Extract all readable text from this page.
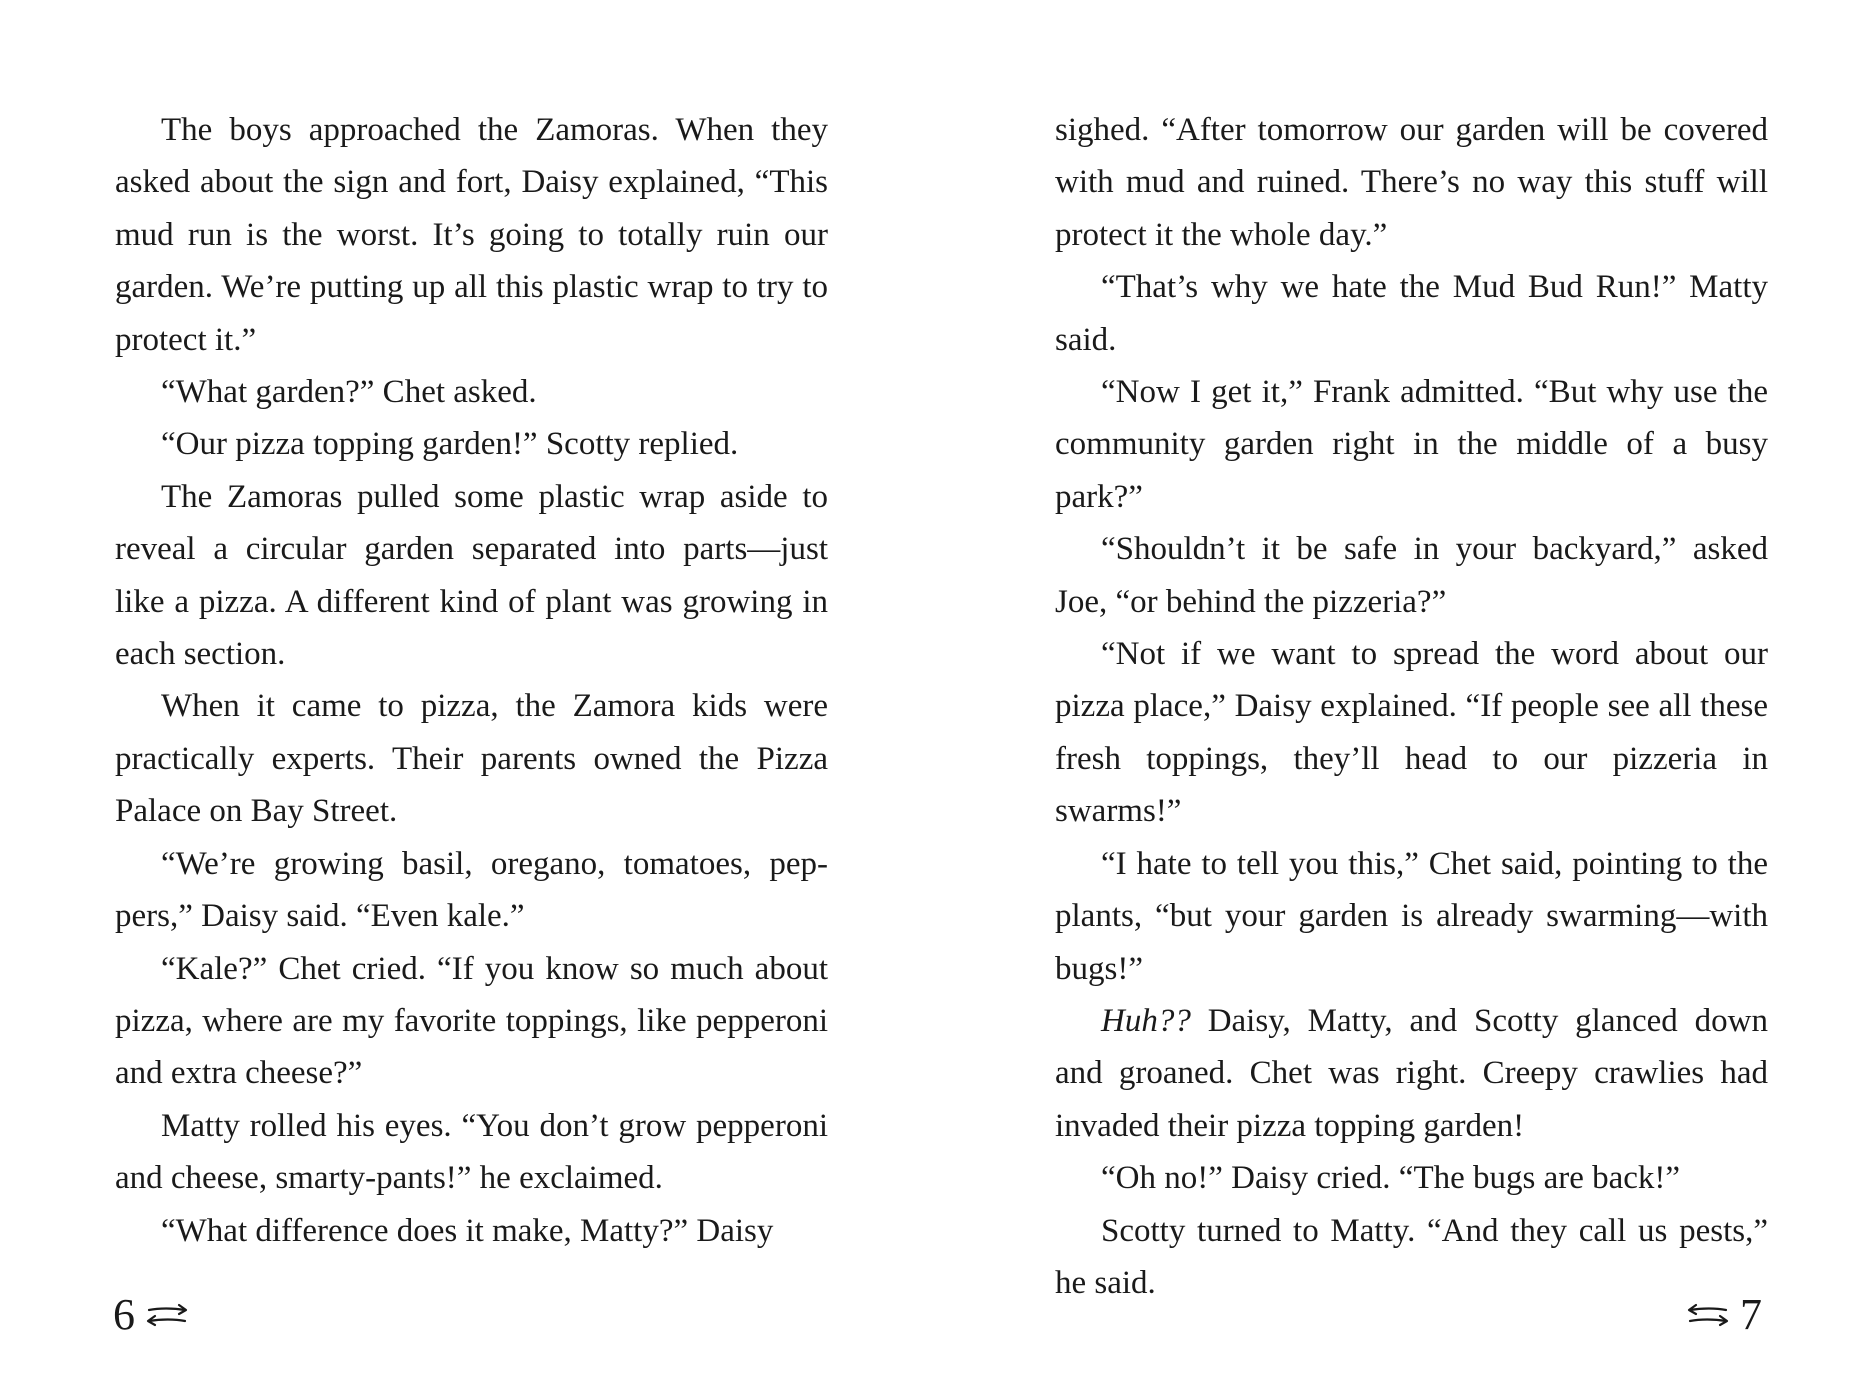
The boys approached the Zamoras. When they asked about the sign and fort, Daisy explained, “This mud run is the worst. It’s going to totally ruin our garden. We’re putting up all this plastic wrap to try to protect it.”

“What garden?” Chet asked.

“Our pizza topping garden!” Scotty replied.

The Zamoras pulled some plastic wrap aside to reveal a circular garden separated into parts—just like a pizza. A different kind of plant was growing in each section.

When it came to pizza, the Zamora kids were practically experts. Their parents owned the Pizza Palace on Bay Street.

“We’re growing basil, oregano, tomatoes, peppers,” Daisy said. “Even kale.”

“Kale?” Chet cried. “If you know so much about pizza, where are my favorite toppings, like pepperoni and extra cheese?”

Matty rolled his eyes. “You don’t grow pepperoni and cheese, smarty-pants!” he exclaimed.

“What difference does it make, Matty?” Daisy

sighed. “After tomorrow our garden will be covered with mud and ruined. There’s no way this stuff will protect it the whole day.”

“That’s why we hate the Mud Bud Run!” Matty said.

“Now I get it,” Frank admitted. “But why use the community garden right in the middle of a busy park?”

“Shouldn’t it be safe in your backyard,” asked Joe, “or behind the pizzeria?”

“Not if we want to spread the word about our pizza place,” Daisy explained. “If people see all these fresh toppings, they’ll head to our pizzeria in swarms!”

“I hate to tell you this,” Chet said, pointing to the plants, “but your garden is already swarming—with bugs!”

Huh?? Daisy, Matty, and Scotty glanced down and groaned. Chet was right. Creepy crawlies had invaded their pizza topping garden!

“Oh no!” Daisy cried. “The bugs are back!”

Scotty turned to Matty. “And they call us pests,” he said.

6	7
